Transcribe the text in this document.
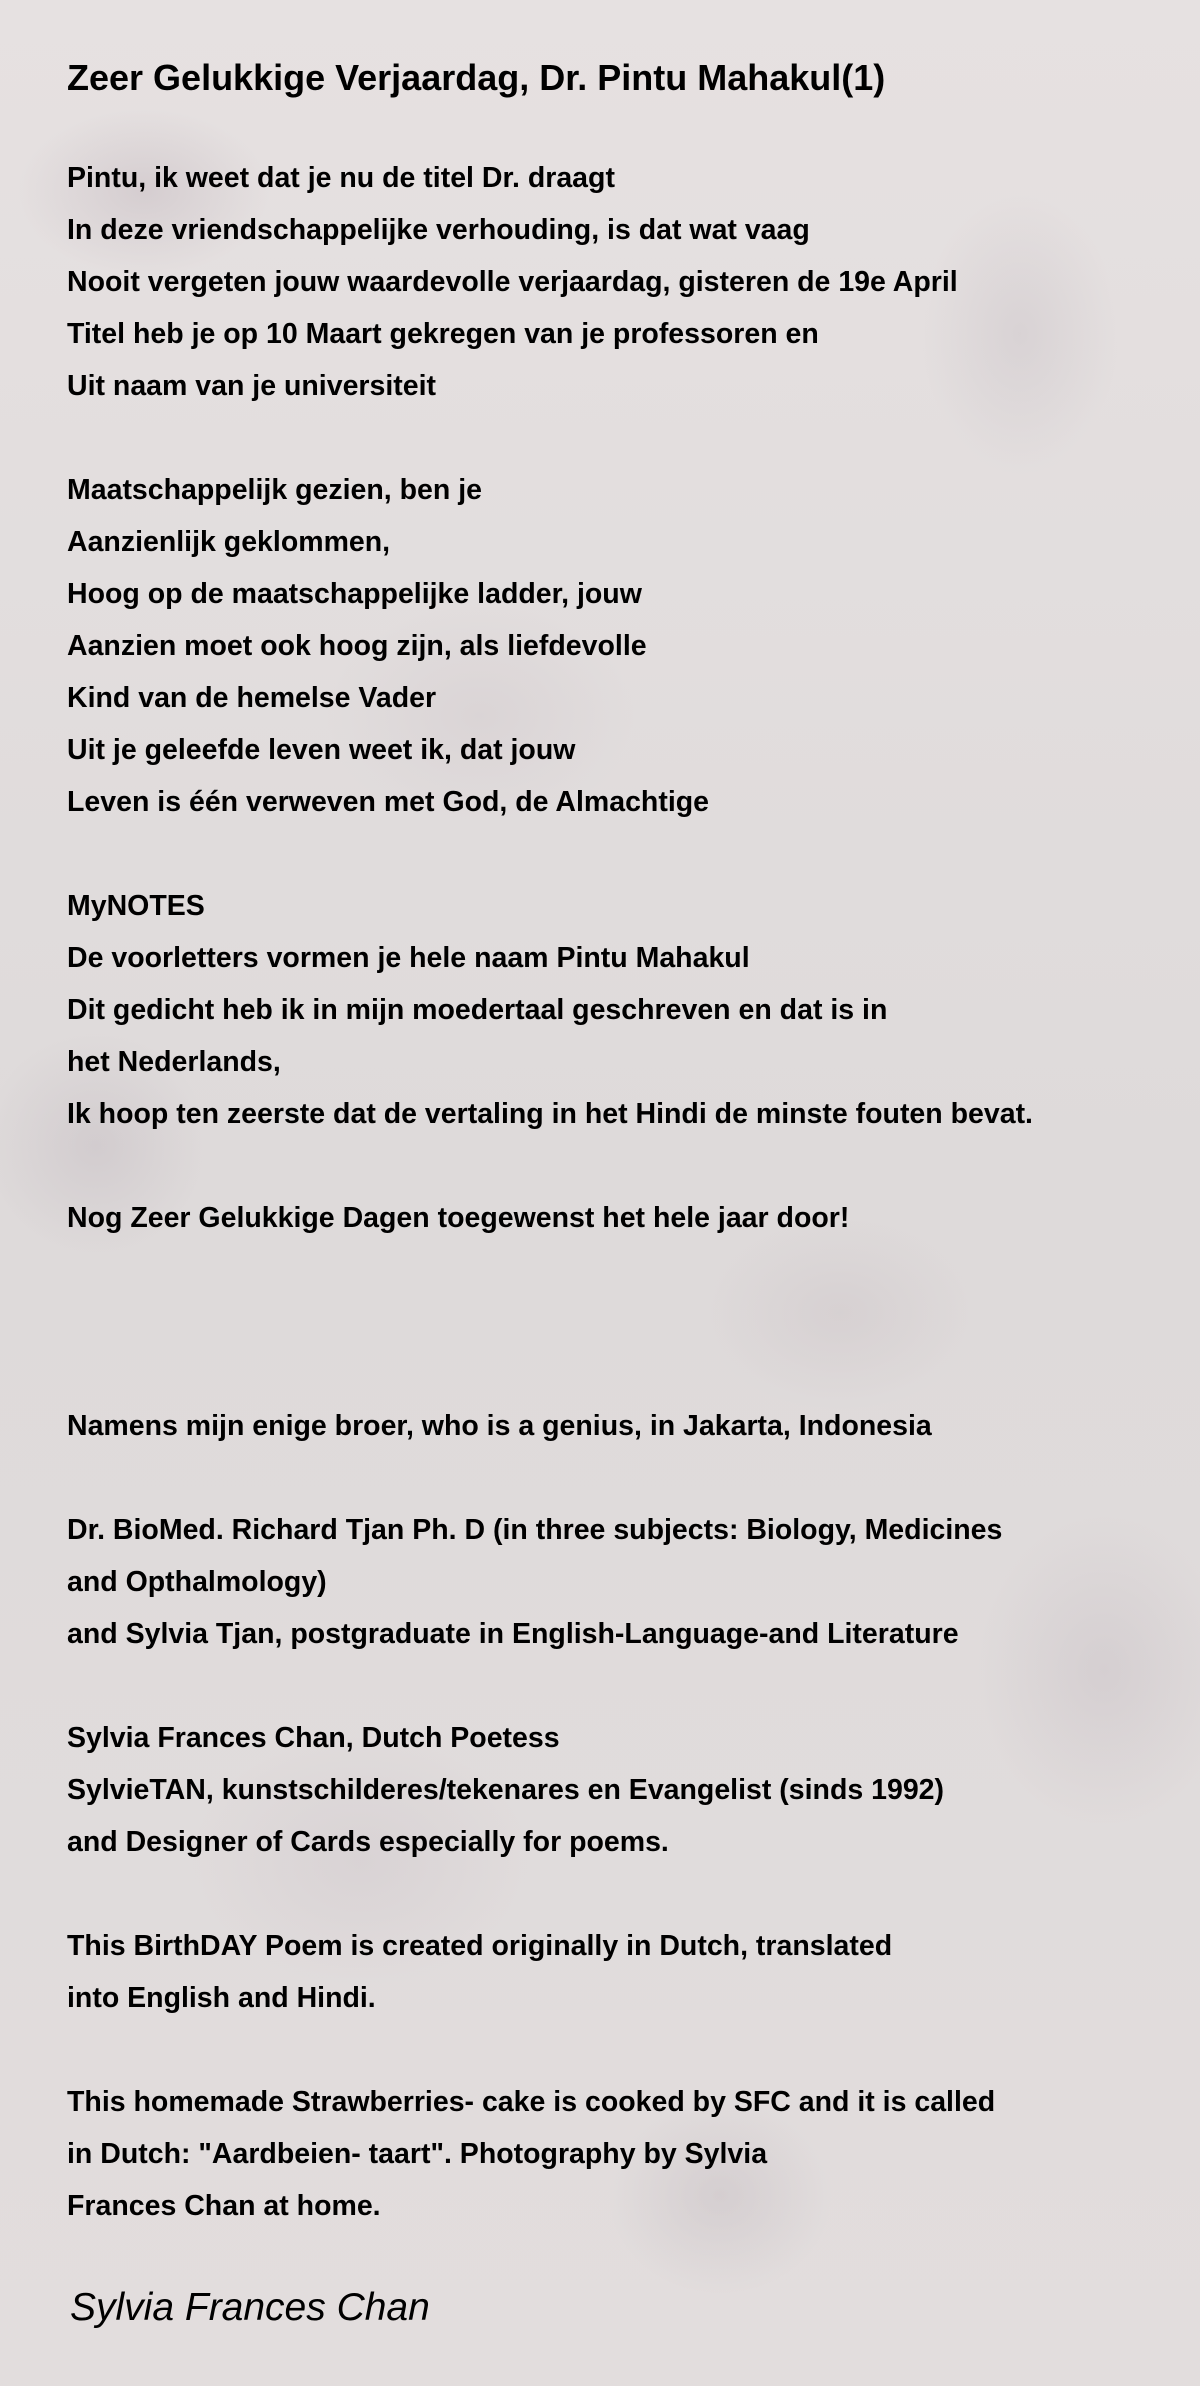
Zeer Gelukkige Verjaardag, Dr. Pintu Mahakul(1)
Pintu, ik weet dat je nu de titel Dr. draagt
In deze vriendschappelijke verhouding, is dat wat vaag
Nooit vergeten jouw waardevolle verjaardag, gisteren de 19e April
Titel heb je op 10 Maart gekregen van je professoren en
Uit naam van je universiteit
Maatschappelijk gezien, ben je
Aanzienlijk geklommen,
Hoog op de maatschappelijke ladder, jouw
Aanzien moet ook hoog zijn, als liefdevolle
Kind van de hemelse Vader
Uit je geleefde leven weet ik, dat jouw
Leven is één verweven met God, de Almachtige
MyNOTES
De voorletters vormen je hele naam Pintu Mahakul
Dit gedicht heb ik in mijn moedertaal geschreven en dat is in
het Nederlands,
Ik hoop ten zeerste dat de vertaling in het Hindi de minste fouten bevat.
Nog Zeer Gelukkige Dagen toegewenst het hele jaar door!
Namens mijn enige broer, who is a genius, in Jakarta, Indonesia
Dr. BioMed. Richard Tjan Ph. D (in three subjects: Biology, Medicines
and Opthalmology)
and Sylvia Tjan, postgraduate in English-Language-and Literature
Sylvia Frances Chan, Dutch Poetess
SylvieTAN, kunstschilderes/tekenares en Evangelist (sinds 1992)
and Designer of Cards especially for poems.
This BirthDAY Poem is created originally in Dutch, translated
into English and Hindi.
This homemade Strawberries- cake is cooked by SFC and it is called
in Dutch: "Aardbeien- taart". Photography by Sylvia
Frances Chan at home.
Sylvia Frances Chan
